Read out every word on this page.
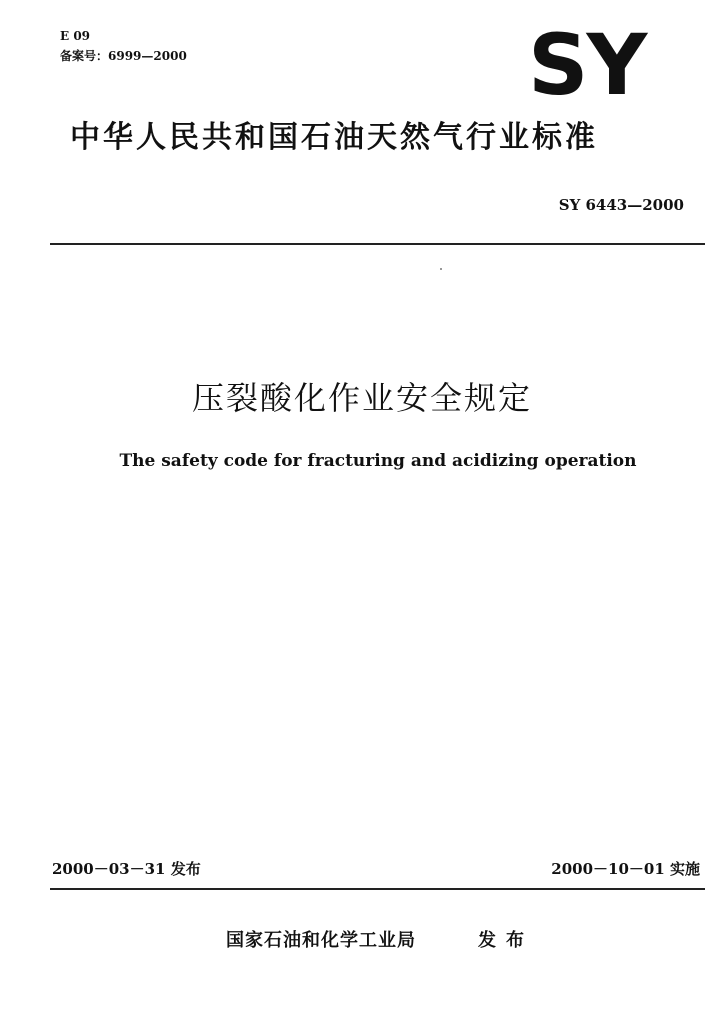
E 09
备案号：6999—2000	SY
中华人民共和国石油天然气行业标准
SY 6443—2000
压裂酸化作业安全规定
The safety code for fracturing and acidizing operation
2000－03－31 发布	2000－10－01 实施
国家石油和化学工业局	发布
